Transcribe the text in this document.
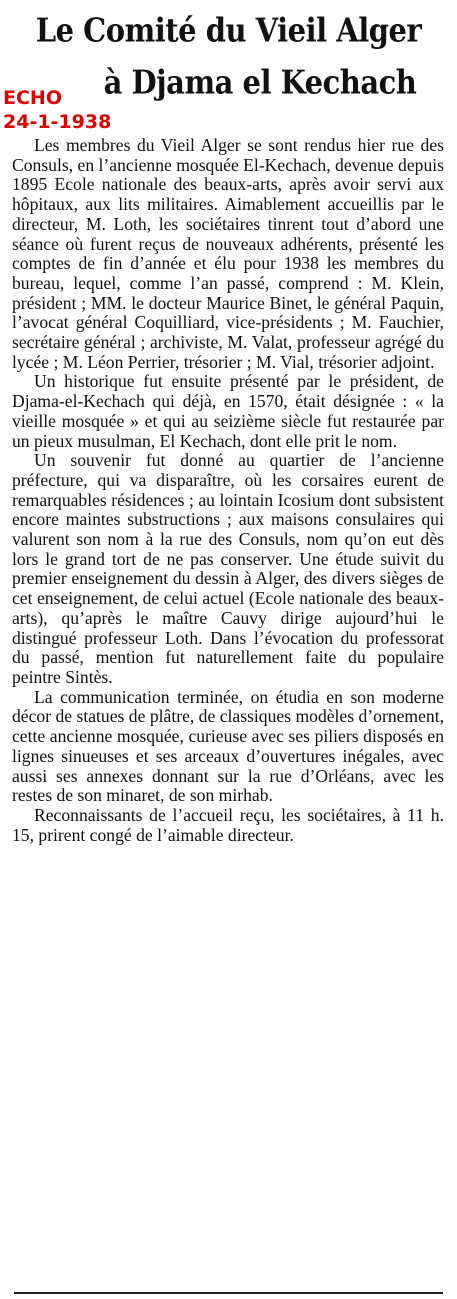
Le Comité du Vieil Alger
à Djama el Kechach
ECHO
24-1-1938

Les membres du Vieil Alger se sont rendus hier rue des Consuls, en l’ancienne mosquée El-Kechach, devenue depuis 1895 Ecole nationale des beaux-arts, après avoir servi aux hôpitaux, aux lits militaires. Aimablement accueillis par le directeur, M. Loth, les sociétaires tinrent tout d’abord une séance où furent reçus de nouveaux adhérents, présenté les comptes de fin d’année et élu pour 1938 les membres du bureau, lequel, comme l’an passé, comprend : M. Klein, président ; MM. le docteur Maurice Binet, le général Paquin, l’avocat général Coquilliard, vice-présidents ; M. Fauchier, secrétaire général ; archiviste, M. Valat, professeur agrégé du lycée ; M. Léon Perrier, trésorier ; M. Vial, trésorier adjoint.

Un historique fut ensuite présenté par le président, de Djama-el-Kechach qui déjà, en 1570, était désignée : « la vieille mosquée » et qui au seizième siècle fut restaurée par un pieux musulman, El Kechach, dont elle prit le nom.

Un souvenir fut donné au quartier de l’ancienne préfecture, qui va disparaître, où les corsaires eurent de remarquables résidences ; au lointain Icosium dont subsistent encore maintes substructions ; aux maisons consulaires qui valurent son nom à la rue des Consuls, nom qu’on eut dès lors le grand tort de ne pas conserver. Une étude suivit du premier enseignement du dessin à Alger, des divers sièges de cet enseignement, de celui actuel (Ecole nationale des beaux-arts), qu’après le maître Cauvy dirige aujourd’hui le distingué professeur Loth. Dans l’évocation du professorat du passé, mention fut naturellement faite du populaire peintre Sintès.

La communication terminée, on étudia en son moderne décor de statues de plâtre, de classiques modèles d’ornement, cette ancienne mosquée, curieuse avec ses piliers disposés en lignes sinueuses et ses arceaux d’ouvertures inégales, avec aussi ses annexes donnant sur la rue d’Orléans, avec les restes de son minaret, de son mirhab.

Reconnaissants de l’accueil reçu, les sociétaires, à 11 h. 15, prirent congé de l’aimable directeur.
